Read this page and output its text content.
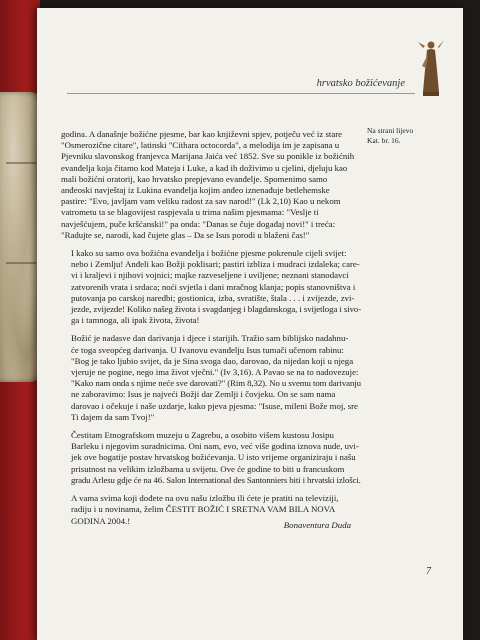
hrvatsko božićevanje
Na strani lijevo
Kat. br. 16.
godina. A današnje božićne pjesme, bar kao književni spjev, potječu već iz stare
"Osmerozične citare", latinski "Cithara octocorda", a melodija im je zapisana u
Pjevniku slavonskog franjevca Marijana Jaića već 1852. Sve su ponikle iz božićnih
evanđelja koja čitamo kod Mateja i Luke, a kad ih doživimo u cjelini, djeluju kao
mali božićni oratorij, kao hrvatsko prepjevano evanđelje. Spomenimo samo
anđeoski navještaj iz Lukina evanđelja kojim anđeo iznenađuje betlehemske
pastire: "Evo, javljam vam veliku radost za sav narod!" (Lk 2,10) Kao u nekom
vatrometu ta se blagovijest raspjevala u trima našim pjesmama: "Veslje ti
navješćujem, puče kršćanski!" pa onda: "Danas se čuje događaj novi!" i treća:
"Radujte se, narodi, kad čujete glas – Da se Isus porodi u blaženi čas!"
I kako su samo ova božićna evanđelja i božićne pjesme pokrenule cijeli svijet:
nebo i Zemlju! Anđeli kao Božji poklisari; pastiri izbliza i mudraci izdaleka; care-
vi i kraljevi i njihovi vojnici; majke razveseljene i uviljene; neznani stanodavci
zatvorenih vrata i srdaca; noći svjetla i dani mračnog klanja; popis stanovništva i
putovanja po carskoj naredbi; gostionica, izba, svratište, štala . . . i zvijezde, zvi-
jezde, zvijezde! Koliko našeg života i svagdanjeg i blagdanskoga, i svijetloga i sivo-
ga i tamnoga, ali ipak života, života!
Božić je nadasve dan darivanja i djece i starijih. Tražio sam biblijsko nadahnu-
će toga sveopćeg darivanja. U Ivanovu evanđelju Isus tumači učenom rabinu:
"Bog je tako ljubio svijet, da je Sina svoga dao, darovao, da nijedan koji u njega
vjeruje ne pogine, nego ima život vječni." (Iv 3,16). A Pavao se na to nadovezuje:
"Kako nam onda s njime neće sve darovati?" (Rim 8,32). No u svemu tom darivanju
ne zaboravimo: Isus je najveći Božji dar Zemlji i čovjeku. On se sam nama
darovao i očekuje i naše uzdarje, kako pjeva pjesma: "Isuse, mileni Bože moj, sre
Ti dajem da sam Tvoj!"
Čestitam Etnografskom muzeju u Zagrebu, a osobito višem kustosu Josipu
Barleku i njegovim suradnicima. Oni nam, evo, već više godina iznova nude, uvi-
jek ove bogatije postav hrvatskog božićevanja. U isto vrijeme organiziraju i našu
prisutnost na velikim izložbama u svijetu. Ove će godine to biti u francuskom
gradu Arlesu gdje će na 46. Salon International des Santonniers biti i hrvatski izlošci.
A vama svima koji dođete na ovu našu izložbu ili ćete je pratiti na televiziji,
radiju i u novinama, želim ČESTIT BOŽIĆ I SRETNA VAM BILA NOVA
GODINA 2004.!	Bonaventura Duda
7
